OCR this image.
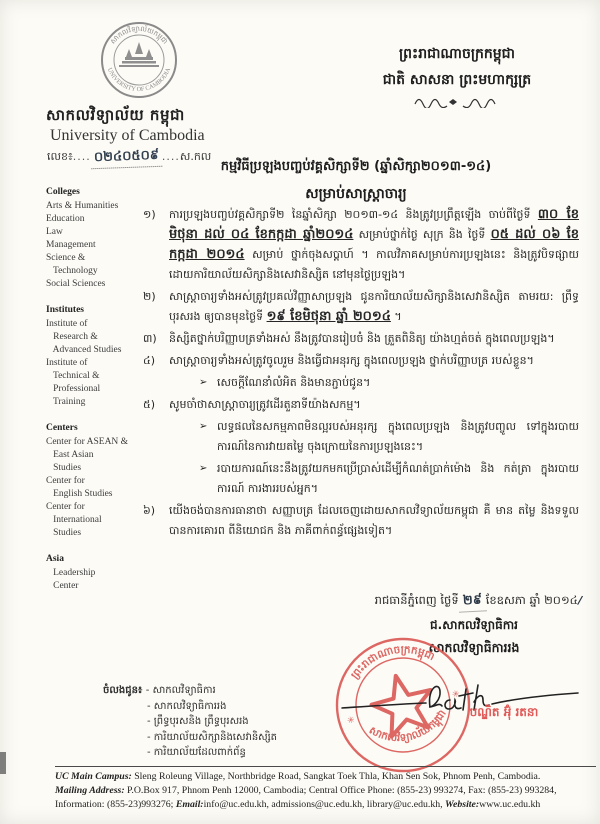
សាកលវិទ្យាល័យកម្ពុជា
UNIVERSITY OF CAMBODIA
សាកលវិទ្យាល័យ កម្ពុជា
University of Cambodia
លេខ៖.... ០២៤០៥០៩ ....ស.កល
ព្រះរាជាណាចក្រកម្ពុជា
ជាតិ សាសនា ព្រះមហាក្សត្រ
កម្មវិធីប្រឡងបញ្ចប់វគ្គសិក្សាទី២ (ឆ្នាំសិក្សា២០១៣-១៤)
សម្រាប់សាស្ត្រាចារ្យ
Colleges
Arts & Humanities
Education
Law
Management
Science &
Technology
Social Sciences
Institutes
Institute of
Research &
Advanced Studies
Institute of
Technical &
Professional
Training
Centers
Center for ASEAN &
East Asian
Studies
Center for
English Studies
Center for
International
Studies
Asia
Leadership
Center
១)	ការប្រឡងបញ្ចប់វគ្គសិក្សាទី២ នៃឆ្នាំសិក្សា ២០១៣-១៤ និងត្រូវប្រព្រឹត្តឡើង ចាប់ពីថ្ងៃទី ៣០ ខែមិថុនា ដល់ ០៤ ខែកក្កដា ឆ្នាំ២០១៤ សម្រាប់ថ្នាក់ថ្ងៃ សុក្រ និង ថ្ងៃទី ០៥ ដល់ ០៦ ខែកក្កដា ២០១៤ សម្រាប់ ថ្នាក់ចុងសប្តាហ៍ ។ កាលវិភាគសម្រាប់ការប្រឡងនេះ និងត្រូវបិទផ្សាយ ដោយការិយាល័យសិក្សានិងសេវានិស្សិត នៅមុនថ្ងៃប្រឡង។

២)	សាស្ត្រាចារ្យទាំងអស់ត្រូវប្រគល់វិញ្ញាសាប្រឡង ជូនការិយាល័យសិក្សានិងសេវានិស្សិត តាមរយ: ព្រឹទ្ធបុរសរង ឲ្យបានមុនថ្ងៃទី ១៩ ខែមិថុនា ឆ្នាំ ២០១៤ ។

៣)	និស្សិតថ្នាក់បរិញ្ញាបត្រទាំងអស់ នឹងត្រូវបានរៀបចំ និង ត្រួតពិនិត្យ យ៉ាងហ្មត់ចត់ ក្នុងពេលប្រឡង។

៤)	សាស្ត្រាចារ្យទាំងអស់ត្រូវចូលរួម និងធ្វើជាអនុរក្ស ក្នុងពេលប្រឡង ថ្នាក់បរិញ្ញាបត្រ របស់ខ្លួន។

➢ សេចក្តីណែនាំលំអិត និងមានភ្ជាប់ជូន។

៥)	សូមចាំថាសាស្ត្រាចារ្យត្រូវដើរតួនាទីយ៉ាងសកម្ម។

➢ លទ្ធផលនៃសកម្មភាពមិនល្អរបស់អនុរក្ស ក្នុងពេលប្រឡង និងត្រូវបញ្ចូល ទៅក្នុងរបាយការណ៍នៃការវាយតម្លៃ ចុងក្រោយនៃការប្រឡងនេះ។

➢ របាយការណ៍នេះនឹងត្រូវយកមកប្រើប្រាស់ដើម្បីកំណត់ប្រាក់ម៉ោង និង កត់ត្រា ក្នុងរបាយការណ៍ ការងាររបស់អ្នក។

៦)	យើងចង់បានការធានាថា សញ្ញាបត្រ ដែលចេញដោយសាកលវិទ្យាល័យកម្ពុជា គឺ មាន តម្លៃ និងទទួលបានការគោរព ពីនិយោជក និង ភាគីពាក់ពន្ធ័ផ្សេងទៀត។

រាជធានីភ្នំពេញ ថ្ងៃទី ២៩ ខែឧសភា ឆ្នាំ ២០១៤/
ជ.សាកលវិទ្យាធិការ
សាកលវិទ្យាធិការរង
ព្រះរាជាណាចក្រកម្ពុជា
សាកលវិទ្យាល័យកម្ពុជា
✳
✳
បណ្ឌិត អ៊ុំ រតនា
ចំលងជូន៖ - សាកលវិទ្យាធិការ
- សាកលវិទ្យាធិការរង
- ព្រឹទ្ធបុរសនិង ព្រឹទ្ធបុរសរង
- ការិយាល័យសិក្សានិងសេវានិស្សិត
- ការិយាល័យដែលពាក់ព័ន្ធ
UC Main Campus: Sleng Roleung Village, Northbridge Road, Sangkat Toek Thla, Khan Sen Sok, Phnom Penh, Cambodia.
Mailing Address: P.O.Box 917, Phnom Penh 12000, Cambodia; Central Office Phone: (855-23) 993274, Fax: (855-23) 993284,
Information: (855-23)993276; Email:info@uc.edu.kh, admissions@uc.edu.kh, library@uc.edu.kh, Website:www.uc.edu.kh
